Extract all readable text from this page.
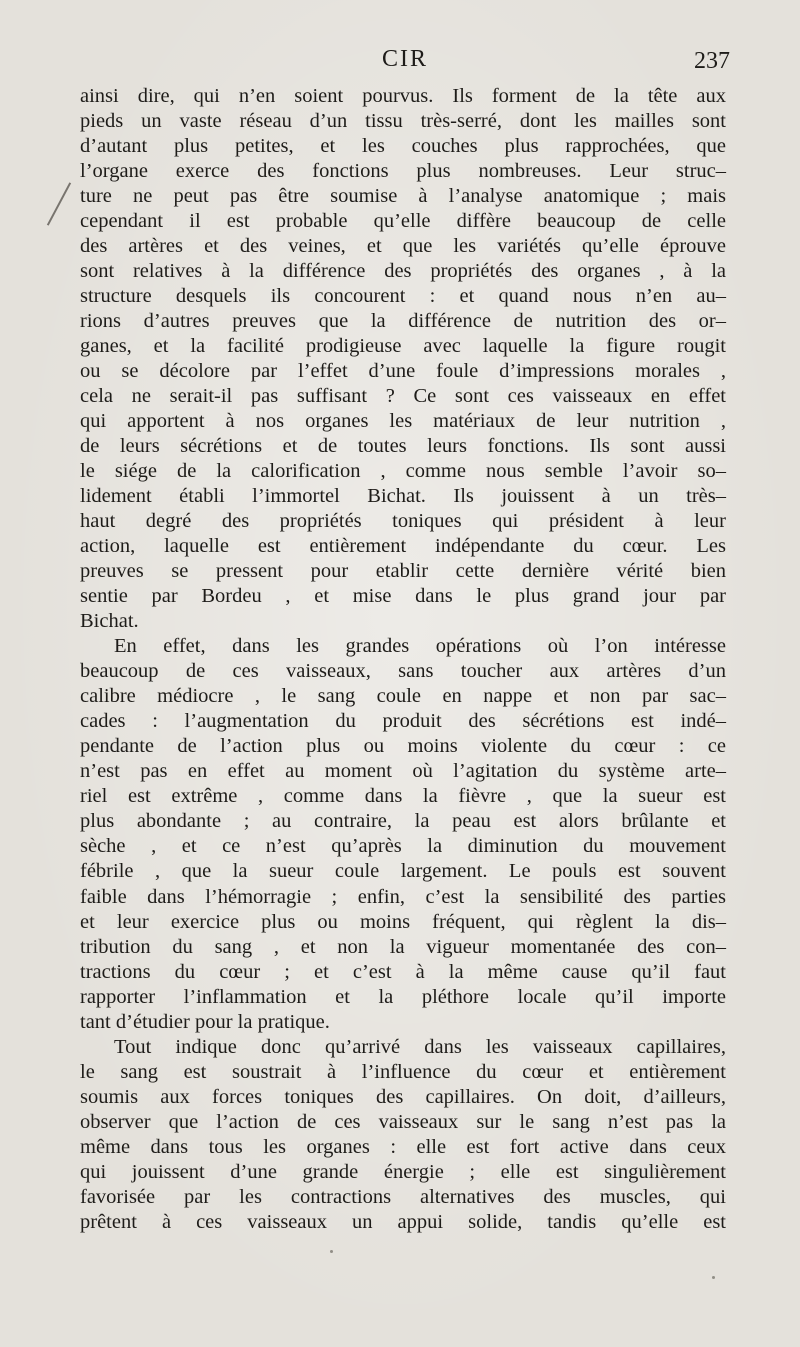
CIR	237
ainsi dire, qui n’en soient pourvus. Ils forment de la tête aux
pieds un vaste réseau d’un tissu très-serré, dont les mailles sont
d’autant plus petites, et les couches plus rapprochées, que
l’organe exerce des fonctions plus nombreuses. Leur struc–
ture ne peut pas être soumise à l’analyse anatomique ; mais
cependant il est probable qu’elle diffère beaucoup de celle
des artères et des veines, et que les variétés qu’elle éprouve
sont relatives à la différence des propriétés des organes , à la
structure desquels ils concourent : et quand nous n’en au–
rions d’autres preuves que la différence de nutrition des or–
ganes, et la facilité prodigieuse avec laquelle la figure rougit
ou se décolore par l’effet d’une foule d’impressions morales ,
cela ne serait-il pas suffisant ? Ce sont ces vaisseaux en effet
qui apportent à nos organes les matériaux de leur nutrition ,
de leurs sécrétions et de toutes leurs fonctions. Ils sont aussi
le siége de la calorification , comme nous semble l’avoir so–
lidement établi l’immortel Bichat. Ils jouissent à un très–
haut degré des propriétés toniques qui président à leur
action, laquelle est entièrement indépendante du cœur. Les
preuves se pressent pour etablir cette dernière vérité bien
sentie par Bordeu , et mise dans le plus grand jour par
Bichat.
En effet, dans les grandes opérations où l’on intéresse
beaucoup de ces vaisseaux, sans toucher aux artères d’un
calibre médiocre , le sang coule en nappe et non par sac–
cades : l’augmentation du produit des sécrétions est indé–
pendante de l’action plus ou moins violente du cœur : ce
n’est pas en effet au moment où l’agitation du système arte–
riel est extrême , comme dans la fièvre , que la sueur est
plus abondante ; au contraire, la peau est alors brûlante et
sèche , et ce n’est qu’après la diminution du mouvement
fébrile , que la sueur coule largement. Le pouls est souvent
faible dans l’hémorragie ; enfin, c’est la sensibilité des parties
et leur exercice plus ou moins fréquent, qui règlent la dis–
tribution du sang , et non la vigueur momentanée des con–
tractions du cœur ; et c’est à la même cause qu’il faut
rapporter l’inflammation et la pléthore locale qu’il importe
tant d’étudier pour la pratique.
Tout indique donc qu’arrivé dans les vaisseaux capillaires,
le sang est soustrait à l’influence du cœur et entièrement
soumis aux forces toniques des capillaires. On doit, d’ailleurs,
observer que l’action de ces vaisseaux sur le sang n’est pas la
même dans tous les organes : elle est fort active dans ceux
qui jouissent d’une grande énergie ; elle est singulièrement
favorisée par les contractions alternatives des muscles, qui
prêtent à ces vaisseaux un appui solide, tandis qu’elle est
